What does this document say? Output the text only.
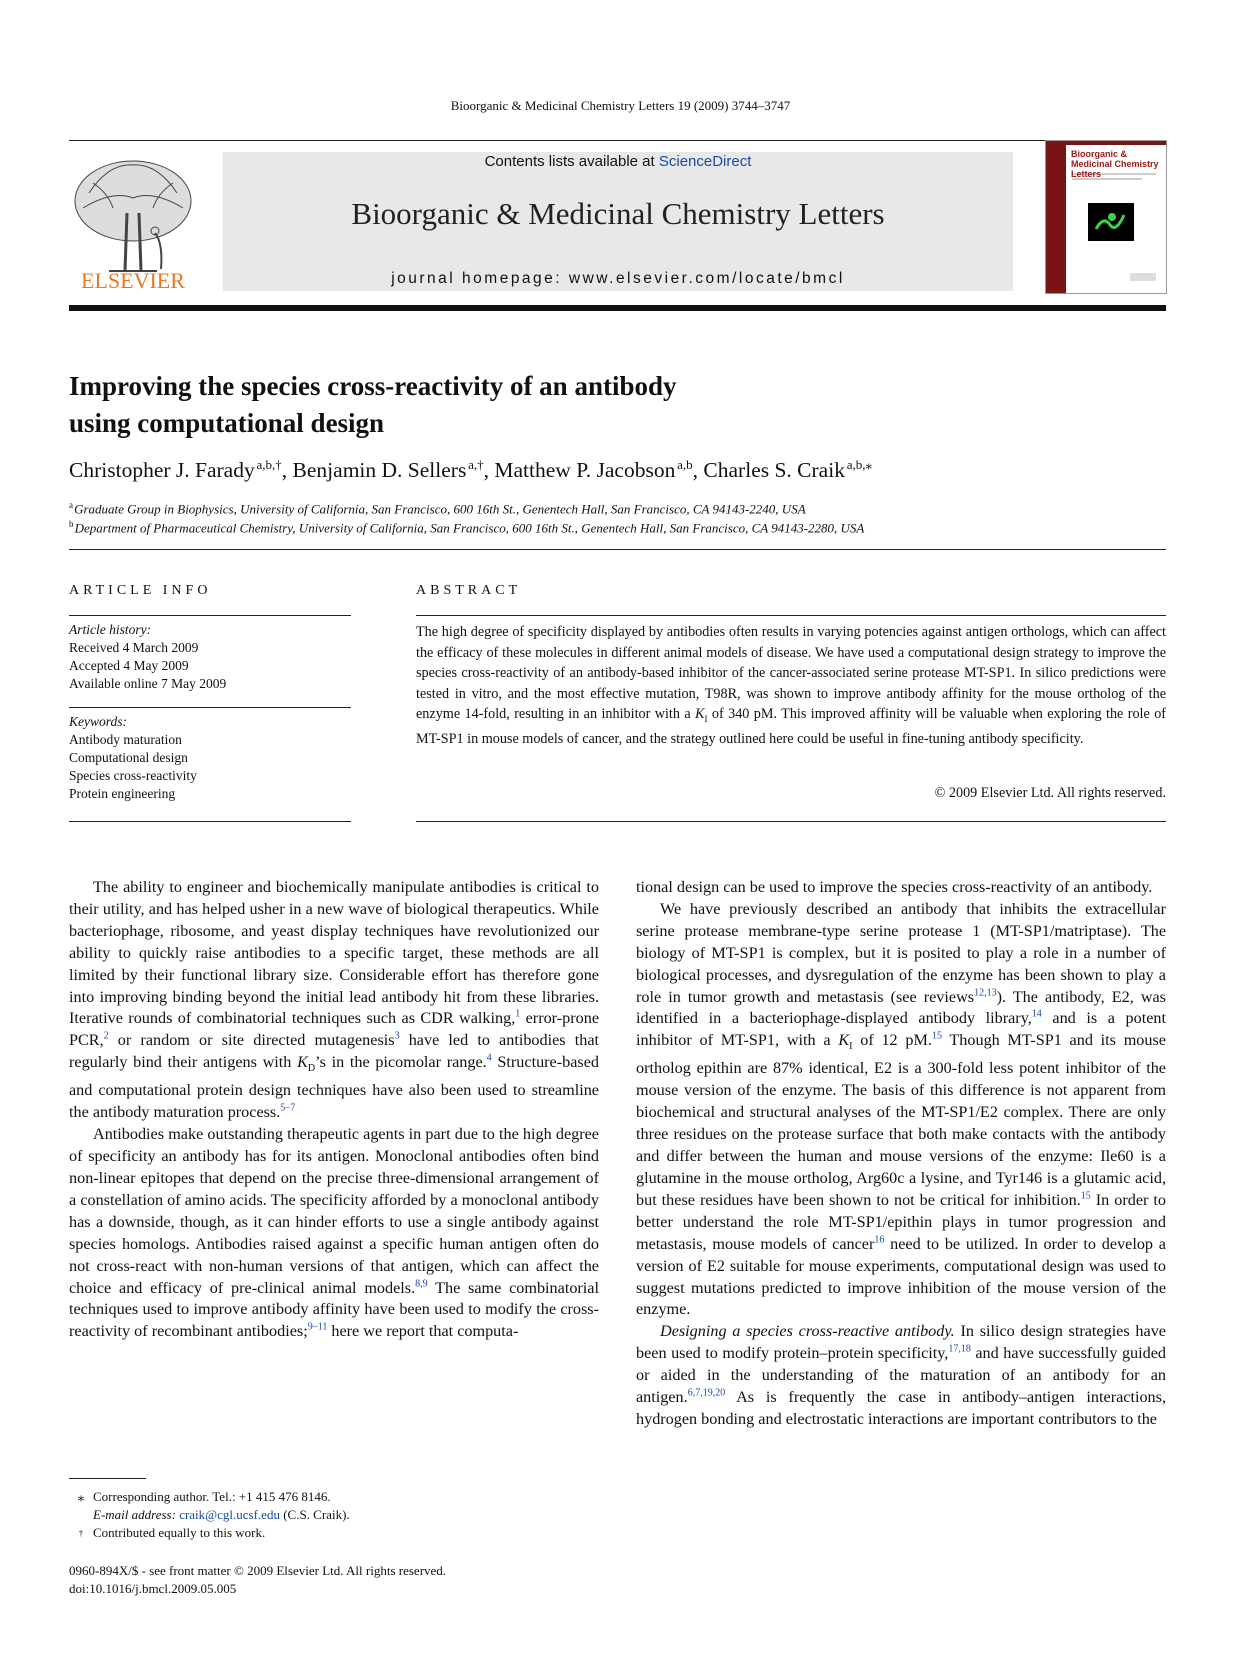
Bioorganic & Medicinal Chemistry Letters 19 (2009) 3744–3747
ELSEVIER
Contents lists available at ScienceDirect
Bioorganic & Medicinal Chemistry Letters
journal homepage: www.elsevier.com/locate/bmcl
Bioorganic & Medicinal Chemistry Letters
Improving the species cross-reactivity of an antibody
using computational design
Christopher J. Farady  $^{a,b,\dagger}$, Benjamin D. Sellers  $^{a,\dagger}$, Matthew P. Jacobson  $^{a,b}$, Charles S. Craik  $^{a,b,⁎}$
$^a$ Graduate Group in Biophysics, University of California, San Francisco, 600 16th St., Genentech Hall, San Francisco, CA 94143-2240, USA
$^b$ Department of Pharmaceutical Chemistry, University of California, San Francisco, 600 16th St., Genentech Hall, San Francisco, CA 94143-2280, USA
ARTICLE INFO
Article history:
Received 4 March 2009
Accepted 4 May 2009
Available online 7 May 2009
Keywords:
Antibody maturation
Computational design
Species cross-reactivity
Protein engineering
ABSTRACT
The high degree of specificity displayed by antibodies often results in varying potencies against antigen orthologs, which can affect the efficacy of these molecules in different animal models of disease. We have used a computational design strategy to improve the species cross-reactivity of an antibody-based inhibitor of the cancer-associated serine protease MT-SP1. In silico predictions were tested in vitro, and the most effective mutation, T98R, was shown to improve antibody affinity for the mouse ortholog of the enzyme 14-fold, resulting in an inhibitor with a $K_I$ of 340 pM. This improved affinity will be valuable when exploring the role of MT-SP1 in mouse models of cancer, and the strategy outlined here could be useful in fine-tuning antibody specificity.
© 2009 Elsevier Ltd. All rights reserved.

The ability to engineer and biochemically manipulate antibodies is critical to their utility, and has helped usher in a new wave of biological therapeutics. While bacteriophage, ribosome, and yeast display techniques have revolutionized our ability to quickly raise antibodies to a specific target, these methods are all limited by their functional library size. Considerable effort has therefore gone into improving binding beyond the initial lead antibody hit from these libraries. Iterative rounds of combinatorial techniques such as CDR walking,$^1$ error-prone PCR,$^2$ or random or site directed mutagenesis$^3$ have led to antibodies that regularly bind their antigens with $K_D’s$ in the picomolar range.$^4$ Structure-based and computational protein design techniques have also been used to streamline the antibody maturation process.$^{5-7}$

Antibodies make outstanding therapeutic agents in part due to the high degree of specificity an antibody has for its antigen. Monoclonal antibodies often bind non-linear epitopes that depend on the precise three-dimensional arrangement of a constellation of amino acids. The specificity afforded by a monoclonal antibody has a downside, though, as it can hinder efforts to use a single antibody against species homologs. Antibodies raised against a specific human antigen often do not cross-react with non-human versions of that antigen, which can affect the choice and efficacy of pre-clinical animal models.$^{8,9}$ The same combinatorial techniques used to improve antibody affinity have been used to modify the cross-reactivity of recombinant antibodies;$^{9-11}$ here we report that computa-

tional design can be used to improve the species cross-reactivity of an antibody.

We have previously described an antibody that inhibits the extracellular serine protease membrane-type serine protease 1 (MT-SP1/matriptase). The biology of MT-SP1 is complex, but it is posited to play a role in a number of biological processes, and dysregulation of the enzyme has been shown to play a role in tumor growth and metastasis (see reviews$^{12,13}$). The antibody, E2, was identified in a bacteriophage-displayed antibody library,$^{14}$ and is a potent inhibitor of MT-SP1, with a $K_I$ of 12 pM.$^{15}$ Though MT-SP1 and its mouse ortholog epithin are 87% identical, E2 is a 300-fold less potent inhibitor of the mouse version of the enzyme. The basis of this difference is not apparent from biochemical and structural analyses of the MT-SP1/E2 complex. There are only three residues on the protease surface that both make contacts with the antibody and differ between the human and mouse versions of the enzyme: Ile60 is a glutamine in the mouse ortholog, Arg60c a lysine, and Tyr146 is a glutamic acid, but these residues have been shown to not be critical for inhibition.$^{15}$ In order to better understand the role MT-SP1/epithin plays in tumor progression and metastasis, mouse models of cancer$^{16}$ need to be utilized. In order to develop a version of E2 suitable for mouse experiments, computational design was used to suggest mutations predicted to improve inhibition of the mouse version of the enzyme.

Designing a species cross-reactive antibody. In silico design strategies have been used to modify protein–protein specificity,$^{17,18}$ and have successfully guided or aided in the understanding of the maturation of an antibody for an antigen.$^{6,7,19,20}$ As is frequently the case in antibody–antigen interactions, hydrogen bonding and electrostatic interactions are important contributors to the

⁎ Corresponding author. Tel.: +1 415 476 8146.
E-mail address: craik@cgl.ucsf.edu (C.S. Craik).
† Contributed equally to this work.
0960-894X/$ - see front matter © 2009 Elsevier Ltd. All rights reserved.
doi:10.1016/j.bmcl.2009.05.005
